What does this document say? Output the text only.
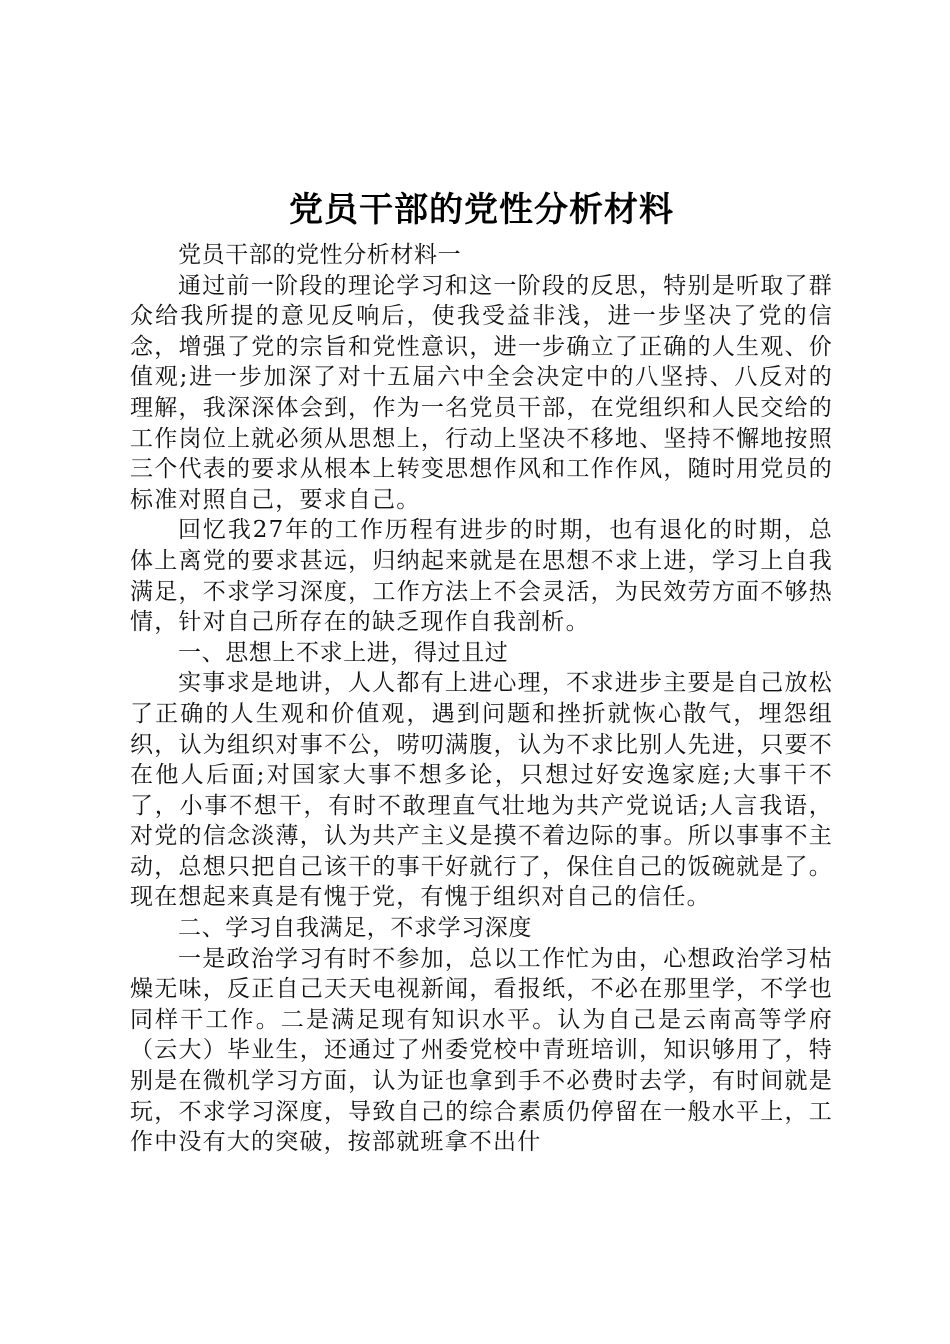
党员干部的党性分析材料

党员干部的党性分析材料一

通过前一阶段的理论学习和这一阶段的反思，特别是听取了群众给我所提的意见反响后，使我受益非浅，进一步坚决了党的信念，增强了党的宗旨和党性意识，进一步确立了正确的人生观、价值观;进一步加深了对十五届六中全会决定中的八坚持、八反对的理解，我深深体会到，作为一名党员干部，在党组织和人民交给的工作岗位上就必须从思想上，行动上坚决不移地、坚持不懈地按照三个代表的要求从根本上转变思想作风和工作作风，随时用党员的标准对照自己，要求自己。

回忆我27年的工作历程有进步的时期，也有退化的时期，总体上离党的要求甚远，归纳起来就是在思想不求上进，学习上自我满足，不求学习深度，工作方法上不会灵活，为民效劳方面不够热情，针对自己所存在的缺乏现作自我剖析。

一、思想上不求上进，得过且过

实事求是地讲，人人都有上进心理，不求进步主要是自己放松了正确的人生观和价值观，遇到问题和挫折就恢心散气，埋怨组织，认为组织对事不公，唠叨满腹，认为不求比别人先进，只要不在他人后面;对国家大事不想多论，只想过好安逸家庭;大事干不了，小事不想干，有时不敢理直气壮地为共产党说话;人言我语，对党的信念淡薄，认为共产主义是摸不着边际的事。所以事事不主动，总想只把自己该干的事干好就行了，保住自己的饭碗就是了。现在想起来真是有愧于党，有愧于组织对自己的信任。

二、学习自我满足，不求学习深度

一是政治学习有时不参加，总以工作忙为由，心想政治学习枯燥无味，反正自己天天电视新闻，看报纸，不必在那里学，不学也同样干工作。二是满足现有知识水平。认为自己是云南高等学府（云大）毕业生，还通过了州委党校中青班培训，知识够用了，特别是在微机学习方面，认为证也拿到手不必费时去学，有时间就是玩，不求学习深度，导致自己的综合素质仍停留在一般水平上，工作中没有大的突破，按部就班拿不出什
